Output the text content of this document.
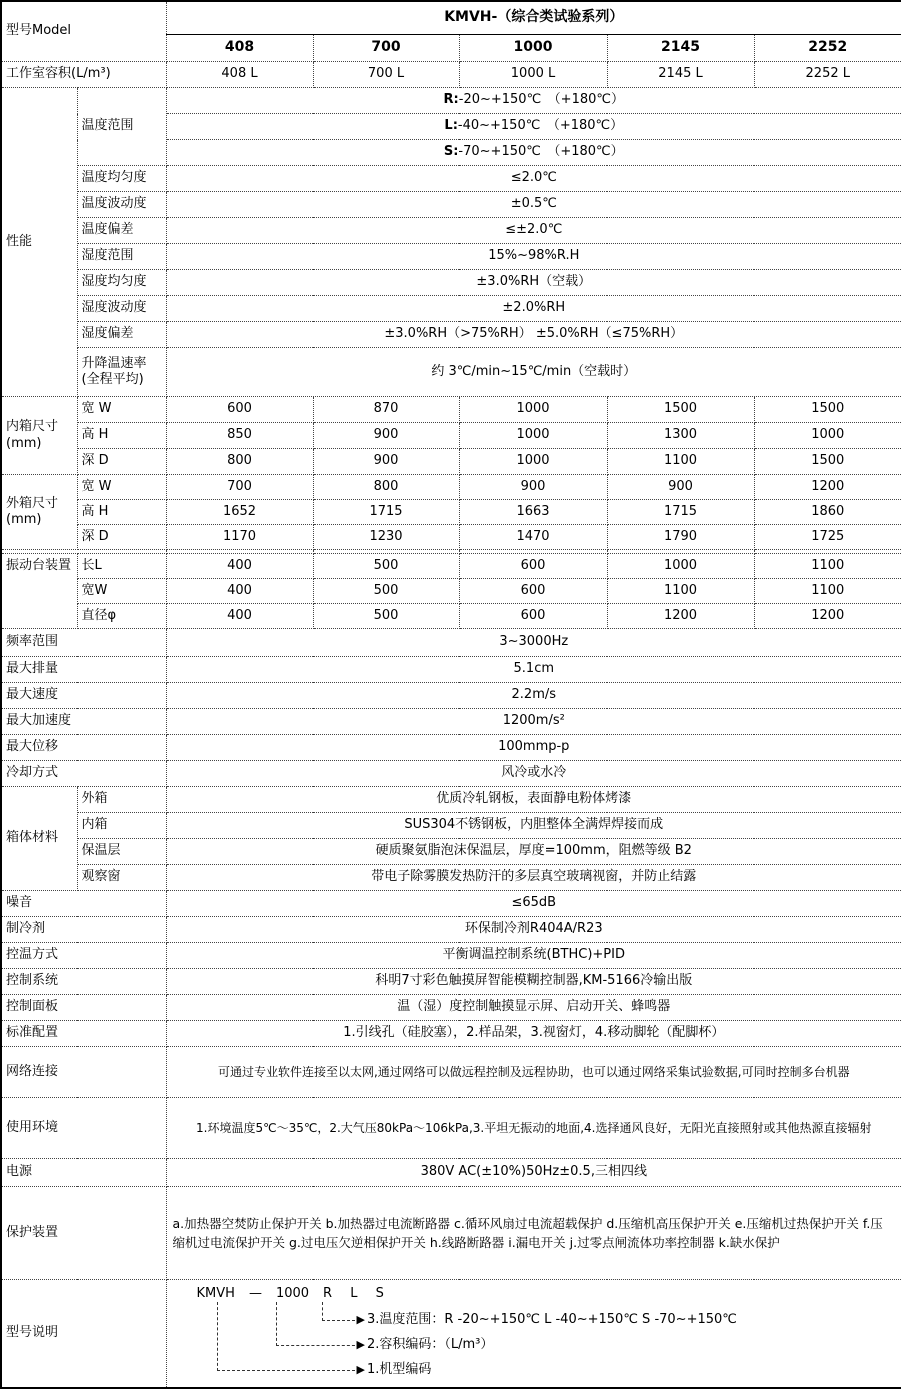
型号Model		KMVH-（综合类试验系列）				
		408	700	1000	2145	2252
工作室容积(L/m³)		408 L	700 L	1000 L	2145 L	2252 L
性能	温度范围	R:-20~+150℃　（+180℃）				
		L:-40~+150℃　（+180℃）				
		S:-70~+150℃　（+180℃）				
	温度均匀度	≤2.0℃				
	温度波动度	±0.5℃				
	温度偏差	≤±2.0℃				
	湿度范围	15%~98%R.H				
	湿度均匀度	±3.0%RH（空载）				
	湿度波动度	±2.0%RH				
	湿度偏差	±3.0%RH（>75%RH） ±5.0%RH（≤75%RH）				
	升降温速率
(全程平均)	约 3℃/min~15℃/min（空载时）				
内箱尺寸
(mm)	宽 W	600	870	1000	1500	1500
	高 H	850	900	1000	1300	1000
	深 D	800	900	1000	1100	1500
外箱尺寸
(mm)	宽 W	700	800	900	900	1200
	高 H	1652	1715	1663	1715	1860
	深 D	1170	1230	1470	1790	1725

振动台装置	长L	400	500	600	1000	1100
	宽W	400	500	600	1100	1100
	直径φ	400	500	600	1200	1200
频率范围		3~3000Hz				
最大排量		5.1cm				
最大速度		2.2m/s				
最大加速度		1200m/s²				
最大位移		100mmp-p				
冷却方式		风冷或水冷				
箱体材料	外箱	优质冷轧钢板，表面静电粉体烤漆				
	内箱	SUS304不锈钢板，内胆整体全满焊焊接而成				
	保温层	硬质聚氨脂泡沫保温层，厚度=100mm，阻燃等级 B2				
	观察窗	带电子除雾膜发热防汗的多层真空玻璃视窗，并防止结露				
噪音		≤65dB				
制冷剂		环保制冷剂R404A/R23				
控温方式		平衡调温控制系统(BTHC)+PID				
控制系统		科明7寸彩色触摸屏智能模糊控制器,KM-5166冷输出版				
控制面板		温（湿）度控制触摸显示屏、启动开关、蜂鸣器				
标准配置		1.引线孔（硅胶塞），2.样品架，3.视窗灯，4.移动脚轮（配脚杯）				
网络连接		可通过专业软件连接至以太网,通过网络可以做远程控制及远程协助，也可以通过网络采集试验数据,可同时控制多台机器				
使用环境		1.环境温度5℃～35℃，2.大气压80kPa～106kPa,3.平坦无振动的地面,4.选择通风良好，无阳光直接照射或其他热源直接辐射				
电源		380V AC(±10%)50Hz±0.5,三相四线				
保护装置		a.加热器空焚防止保护开关 b.加热器过电流断路器 c.循环风扇过电流超载保护 d.压缩机高压保护开关 e.压缩机过热保护开关 f.压缩机过电流保护开关 g.过电压欠逆相保护开关 h.线路断路器 i.漏电开关 j.过零点闸流体功率控制器 k.缺水保护				
型号说明	
KMVH — 1000 R L S
▶ 3.温度范围：R -20~+150℃ L -40~+150℃ S -70~+150℃
▶ 2.容积编码：（L/m³）
▶ 1.机型编码
